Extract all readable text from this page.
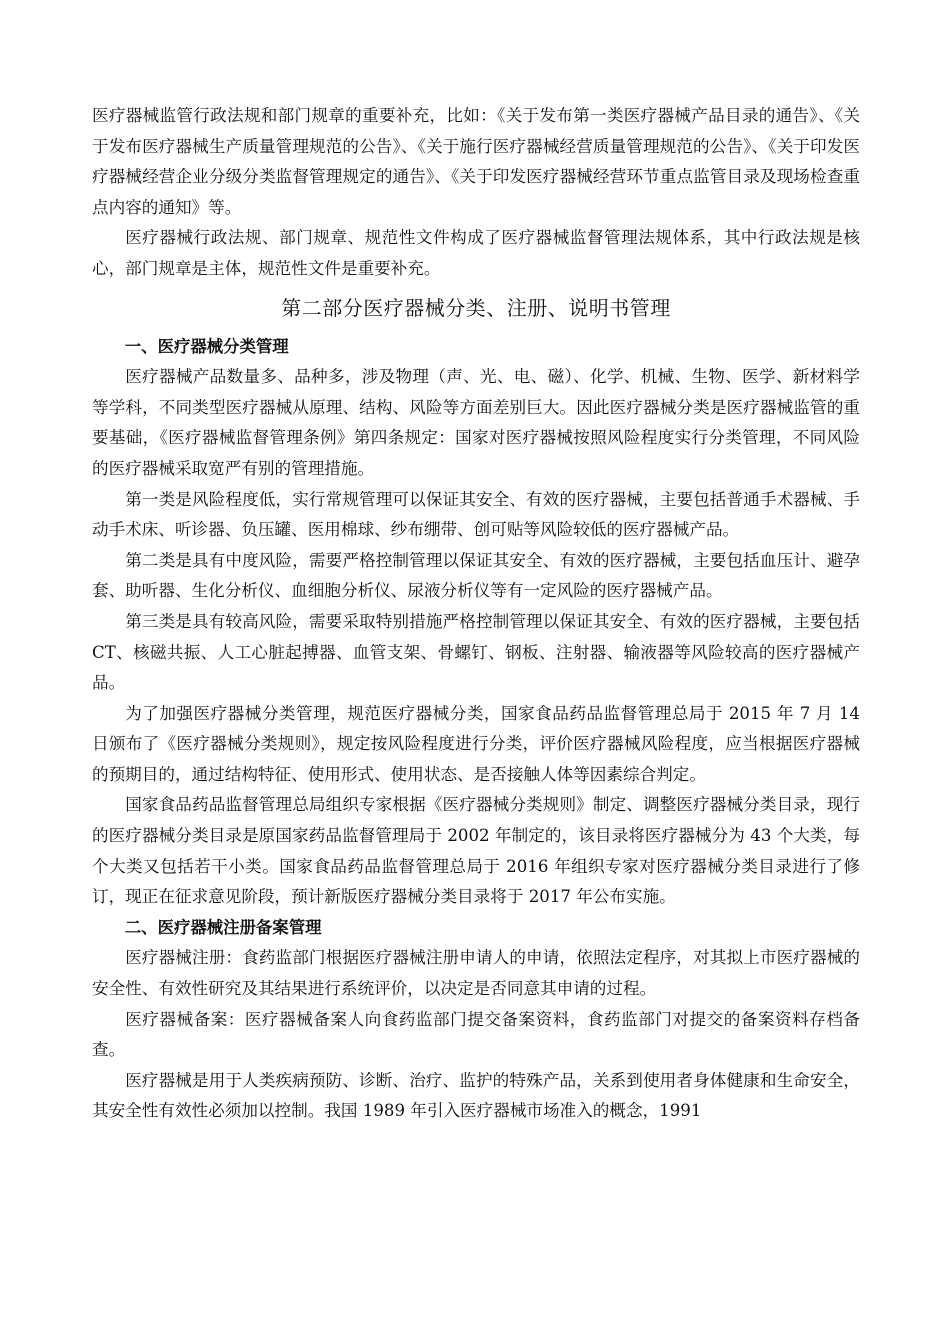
医疗器械监管行政法规和部门规章的重要补充，比如：《关于发布第一类医疗器械产品目录的通告》、《关于发布医疗器械生产质量管理规范的公告》、《关于施行医疗器械经营质量管理规范的公告》、《关于印发医疗器械经营企业分级分类监督管理规定的通告》、《关于印发医疗器械经营环节重点监管目录及现场检查重点内容的通知》等。

医疗器械行政法规、部门规章、规范性文件构成了医疗器械监督管理法规体系，其中行政法规是核心，部门规章是主体，规范性文件是重要补充。

第二部分医疗器械分类、注册、说明书管理
一、医疗器械分类管理

医疗器械产品数量多、品种多，涉及物理（声、光、电、磁）、化学、机械、生物、医学、新材料学等学科，不同类型医疗器械从原理、结构、风险等方面差别巨大。因此医疗器械分类是医疗器械监管的重要基础，《医疗器械监督管理条例》第四条规定：国家对医疗器械按照风险程度实行分类管理，不同风险的医疗器械采取宽严有别的管理措施。

第一类是风险程度低，实行常规管理可以保证其安全、有效的医疗器械，主要包括普通手术器械、手动手术床、听诊器、负压罐、医用棉球、纱布绷带、创可贴等风险较低的医疗器械产品。

第二类是具有中度风险，需要严格控制管理以保证其安全、有效的医疗器械，主要包括血压计、避孕套、助听器、生化分析仪、血细胞分析仪、尿液分析仪等有一定风险的医疗器械产品。

第三类是具有较高风险，需要采取特别措施严格控制管理以保证其安全、有效的医疗器械，主要包括CT、核磁共振、人工心脏起搏器、血管支架、骨螺钉、钢板、注射器、输液器等风险较高的医疗器械产品。

为了加强医疗器械分类管理，规范医疗器械分类，国家食品药品监督管理总局于 2015 年 7 月 14 日颁布了《医疗器械分类规则》，规定按风险程度进行分类，评价医疗器械风险程度，应当根据医疗器械的预期目的，通过结构特征、使用形式、使用状态、是否接触人体等因素综合判定。

国家食品药品监督管理总局组织专家根据《医疗器械分类规则》制定、调整医疗器械分类目录，现行的医疗器械分类目录是原国家药品监督管理局于 2002 年制定的，该目录将医疗器械分为 43 个大类，每个大类又包括若干小类。国家食品药品监督管理总局于 2016 年组织专家对医疗器械分类目录进行了修订，现正在征求意见阶段，预计新版医疗器械分类目录将于 2017 年公布实施。

二、医疗器械注册备案管理

医疗器械注册：食药监部门根据医疗器械注册申请人的申请，依照法定程序，对其拟上市医疗器械的安全性、有效性研究及其结果进行系统评价，以决定是否同意其申请的过程。

医疗器械备案：医疗器械备案人向食药监部门提交备案资料，食药监部门对提交的备案资料存档备查。

医疗器械是用于人类疾病预防、诊断、治疗、监护的特殊产品，关系到使用者身体健康和生命安全，其安全性有效性必须加以控制。我国 1989 年引入医疗器械市场准入的概念，1991
